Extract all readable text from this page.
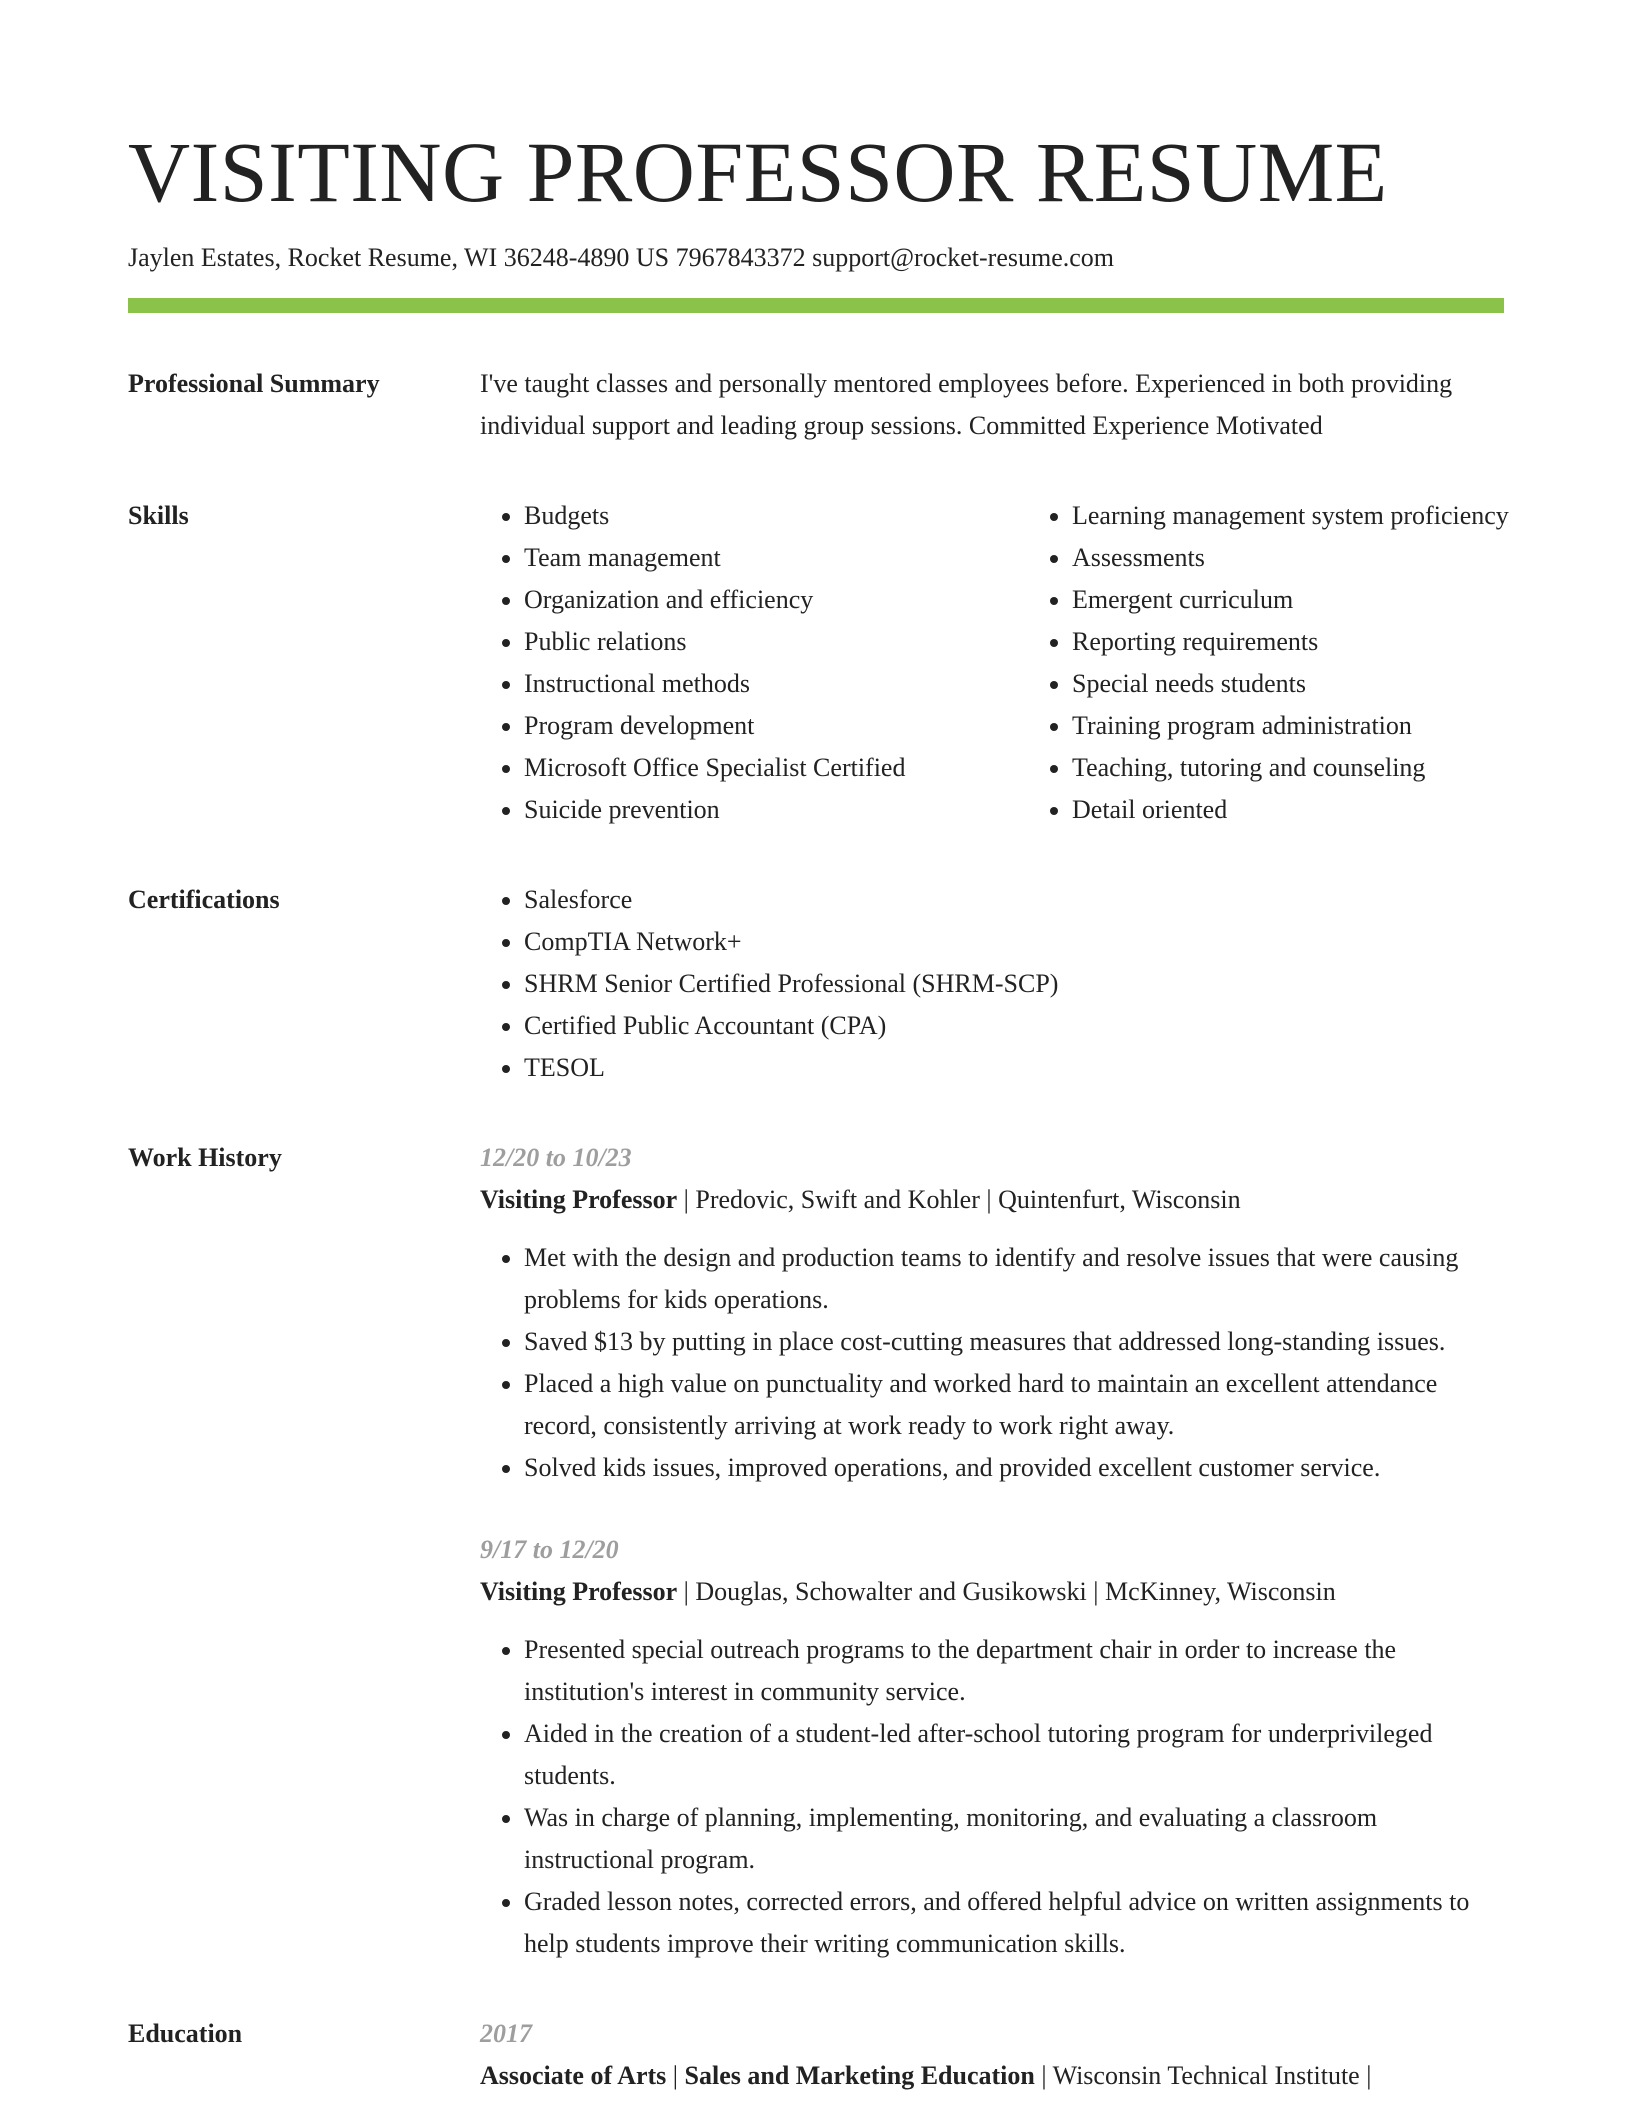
VISITING PROFESSOR RESUME
Jaylen Estates, Rocket Resume, WI 36248-4890 US 7967843372 support@rocket-resume.com
Professional Summary	I've taught classes and personally mentored employees before. Experienced in both providing individual support and leading group sessions. Committed Experience Motivated

Skills	• Budgets
• Team management
• Organization and efficiency
• Public relations
• Instructional methods
• Program development
• Microsoft Office Specialist Certified
• Suicide prevention
• Learning management system proficiency
• Assessments
• Emergent curriculum
• Reporting requirements
• Special needs students
• Training program administration
• Teaching, tutoring and counseling
• Detail oriented
Certifications	• Salesforce
• CompTIA Network+
• SHRM Senior Certified Professional (SHRM-SCP)
• Certified Public Accountant (CPA)
• TESOL
Work History	12/20 to 10/23
Visiting Professor | Predovic, Swift and Kohler | Quintenfurt, Wisconsin
• Met with the design and production teams to identify and resolve issues that were causing problems for kids operations.
• Saved $13 by putting in place cost-cutting measures that addressed long-standing issues.
• Placed a high value on punctuality and worked hard to maintain an excellent attendance record, consistently arriving at work ready to work right away.
• Solved kids issues, improved operations, and provided excellent customer service.
9/17 to 12/20
Visiting Professor | Douglas, Schowalter and Gusikowski | McKinney, Wisconsin
• Presented special outreach programs to the department chair in order to increase the institution's interest in community service.
• Aided in the creation of a student-led after-school tutoring program for underprivileged students.
• Was in charge of planning, implementing, monitoring, and evaluating a classroom instructional program.
• Graded lesson notes, corrected errors, and offered helpful advice on written assignments to help students improve their writing communication skills.
Education	2017
Associate of Arts | Sales and Marketing Education | Wisconsin Technical Institute |
